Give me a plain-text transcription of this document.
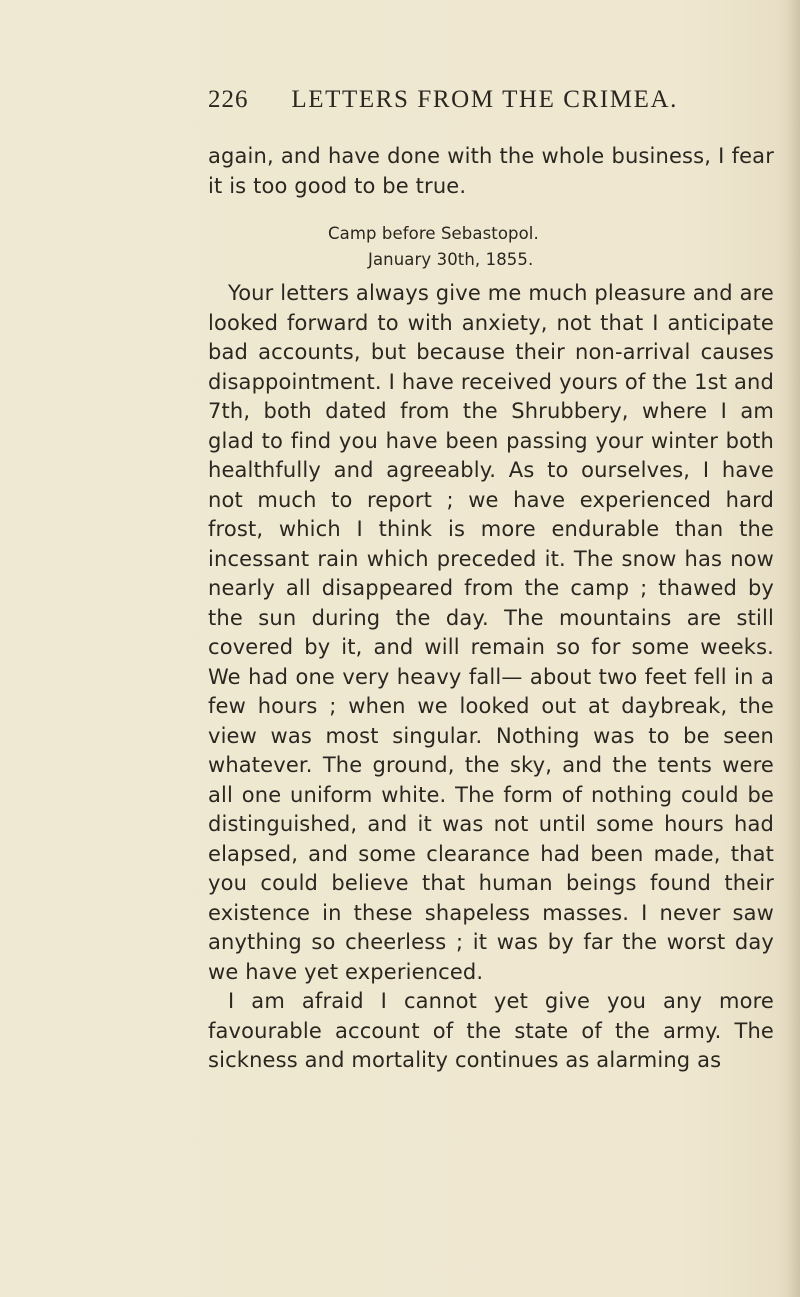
226	LETTERS FROM THE CRIMEA.

again, and have done with the whole business, I fear it is too good to be true.

Camp before Sebastopol.
January 30th, 1855.

Your letters always give me much pleasure and are looked forward to with anxiety, not that I anticipate bad accounts, but because their non-arrival causes disappointment. I have received yours of the 1st and 7th, both dated from the Shrubbery, where I am glad to find you have been passing your winter both healthfully and agreeably. As to ourselves, I have not much to report ; we have experienced hard frost, which I think is more endurable than the incessant rain which preceded it. The snow has now nearly all disappeared from the camp ; thawed by the sun during the day. The mountains are still covered by it, and will remain so for some weeks. We had one very heavy fall— about two feet fell in a few hours ; when we looked out at daybreak, the view was most singular. Nothing was to be seen whatever. The ground, the sky, and the tents were all one uniform white. The form of nothing could be distinguished, and it was not until some hours had elapsed, and some clearance had been made, that you could believe that human beings found their existence in these shapeless masses. I never saw anything so cheerless ; it was by far the worst day we have yet experienced.

I am afraid I cannot yet give you any more favourable account of the state of the army. The sickness and mortality continues as alarming as
